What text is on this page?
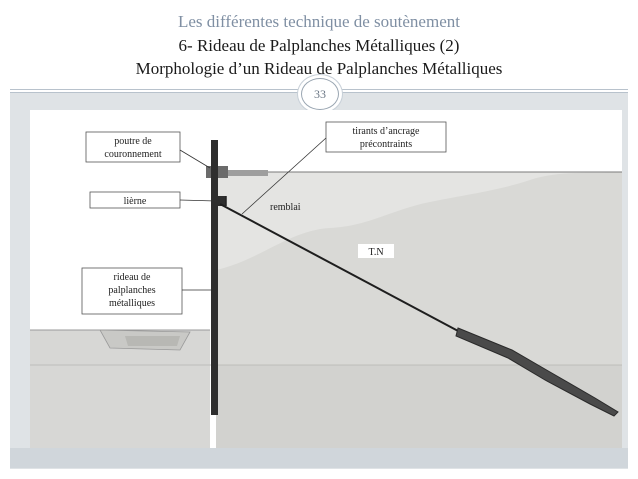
Les différentes technique de soutènement
6- Rideau de Palplanches Métalliques (2)
Morphologie d’un Rideau de Palplanches Métalliques
33
poutre de
couronnement
lièrne
rideau de
palplanches
métalliques
tirants d’ancrage
précontraints
remblai
T.N
